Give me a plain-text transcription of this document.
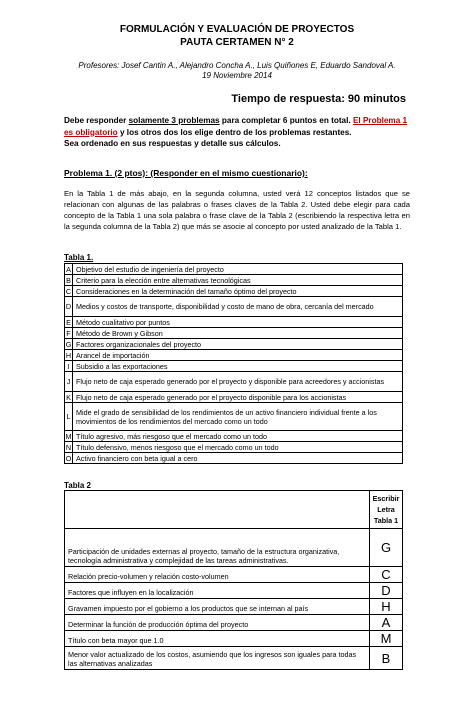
FORMULACIÓN Y EVALUACIÓN DE PROYECTOS
PAUTA CERTAMEN N° 2
Profesores: Josef Cantin A., Alejandro Concha A., Luis Quiñones E, Eduardo Sandoval A.
19 Noviembre 2014
Tiempo de respuesta: 90 minutos
Debe responder solamente 3 problemas para completar 6 puntos en total. El Problema 1 es obligatorio y los otros dos los elige dentro de los problemas restantes.
Sea ordenado en sus respuestas y detalle sus cálculos.
Problema 1. (2 ptos): (Responder en el mismo cuestionario):
En la Tabla 1 de más abajo, en la segunda columna, usted verá 12 conceptos listados que se relacionan con algunas de las palabras o frases claves de la Tabla 2. Usted debe elegir para cada concepto de la Tabla 1 una sola palabra o frase clave de la Tabla 2 (escribiendo la respectiva letra en la segunda columna de la Tabla 2) que más se asocie al concepto por usted analizado de la Tabla 1.
Tabla 1.
A	Objetivo del estudio de ingeniería del proyecto
B	Criterio para la elección entre alternativas tecnológicas
C	Consideraciones en la determinación del tamaño óptimo del proyecto
D	Medios y costos de transporte, disponibilidad y costo de mano de obra, cercanía del mercado
E	Método cualitativo por puntos
F	Método de Brown y Gibson
G	Factores organizacionales del proyecto
H	Arancel de importación
I	Subsidio a las exportaciones
J	Flujo neto de caja esperado generado por el proyecto y disponible para acreedores y accionistas
K	Flujo neto de caja esperado generado por el proyecto disponible para los accionistas
L	Mide el grado de sensibilidad de los rendimientos de un activo financiero individual frente a los movimientos de los rendimientos del mercado como un todo
M	Título agresivo, más riesgoso que el mercado como un todo
N	Título defensivo, menos riesgoso que el mercado como un todo
O	Activo financiero con beta igual a cero
Tabla 2
	Escribir Letra Tabla 1
Participación de unidades externas al proyecto, tamaño de la estructura organizativa, tecnología administrativa y complejidad de las tareas administrativas.	G
Relación precio-volumen y relación costo-volumen	C
Factores que influyen en la localización	D
Gravamen impuesto por el gobierno a los productos que se internan al país	H
Determinar la función de producción óptima del proyecto	A
Título con beta mayor que 1.0	M
Menor valor actualizado de los costos, asumiendo que los ingresos son iguales para todas las alternativas analizadas	B
